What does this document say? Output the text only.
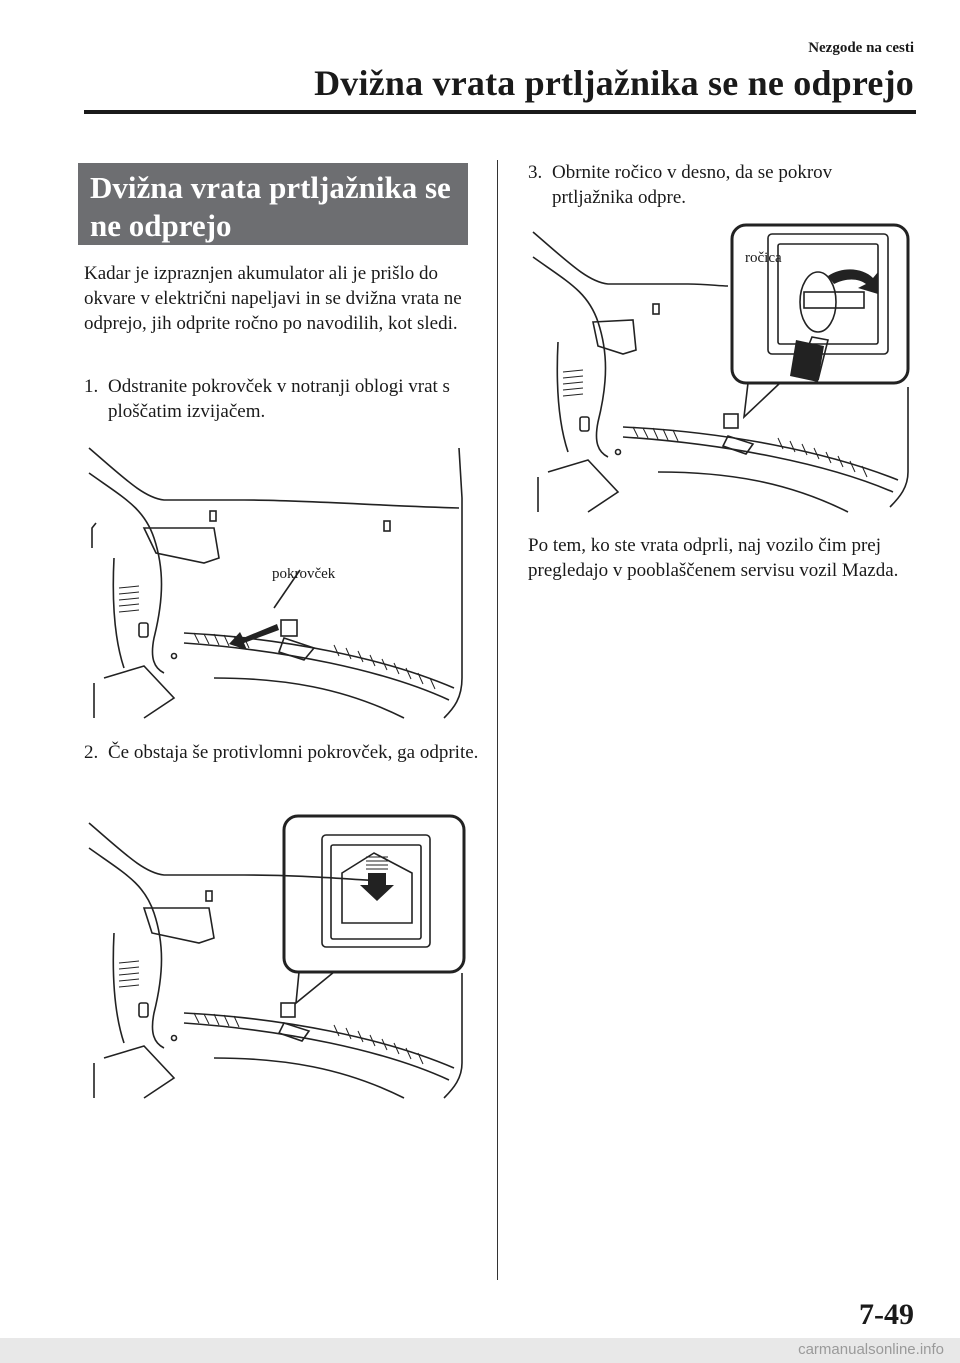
Nezgode na cesti
Dvižna vrata prtljažnika se ne odprejo
Dvižna vrata prtljažnika se ne odprejo
Kadar je izpraznjen akumulator ali je prišlo do okvare v električni napeljavi in se dvižna vrata ne odprejo, jih odprite ročno po navodilih, kot sledi.
1. Odstranite pokrovček v notranji oblogi vrat s ploščatim izvijačem.
pokrovček
2. Če obstaja še protivlomni pokrovček, ga odprite.
3. Obrnite ročico v desno, da se pokrov prtljažnika odpre.
ročica
Po tem, ko ste vrata odprli, naj vozilo čim prej pregledajo v pooblaščenem servisu vozil Mazda.
7-49
carmanualsonline.info
